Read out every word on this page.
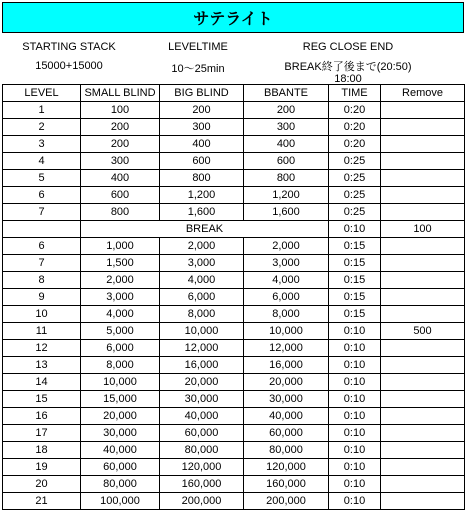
サテライト
STARTING STACK
15000+15000
LEVELTIME
10～25min
REG CLOSE END
BREAK終了後まで(20:50)
18:00
LEVEL	SMALL BLIND	BIG BLIND	BBANTE	TIME	Remove
1	100	200	200	0:20	
2	200	300	300	0:20	
3	200	400	400	0:20	
4	300	600	600	0:25	
5	400	800	800	0:25	
6	600	1,200	1,200	0:25	
7	800	1,600	1,600	0:25	
	BREAK			0:10	100
6	1,000	2,000	2,000	0:15	
7	1,500	3,000	3,000	0:15	
8	2,000	4,000	4,000	0:15	
9	3,000	6,000	6,000	0:15	
10	4,000	8,000	8,000	0:15	
11	5,000	10,000	10,000	0:10	500
12	6,000	12,000	12,000	0:10	
13	8,000	16,000	16,000	0:10	
14	10,000	20,000	20,000	0:10	
15	15,000	30,000	30,000	0:10	
16	20,000	40,000	40,000	0:10	
17	30,000	60,000	60,000	0:10	
18	40,000	80,000	80,000	0:10	
19	60,000	120,000	120,000	0:10	
20	80,000	160,000	160,000	0:10	
21	100,000	200,000	200,000	0:10	
